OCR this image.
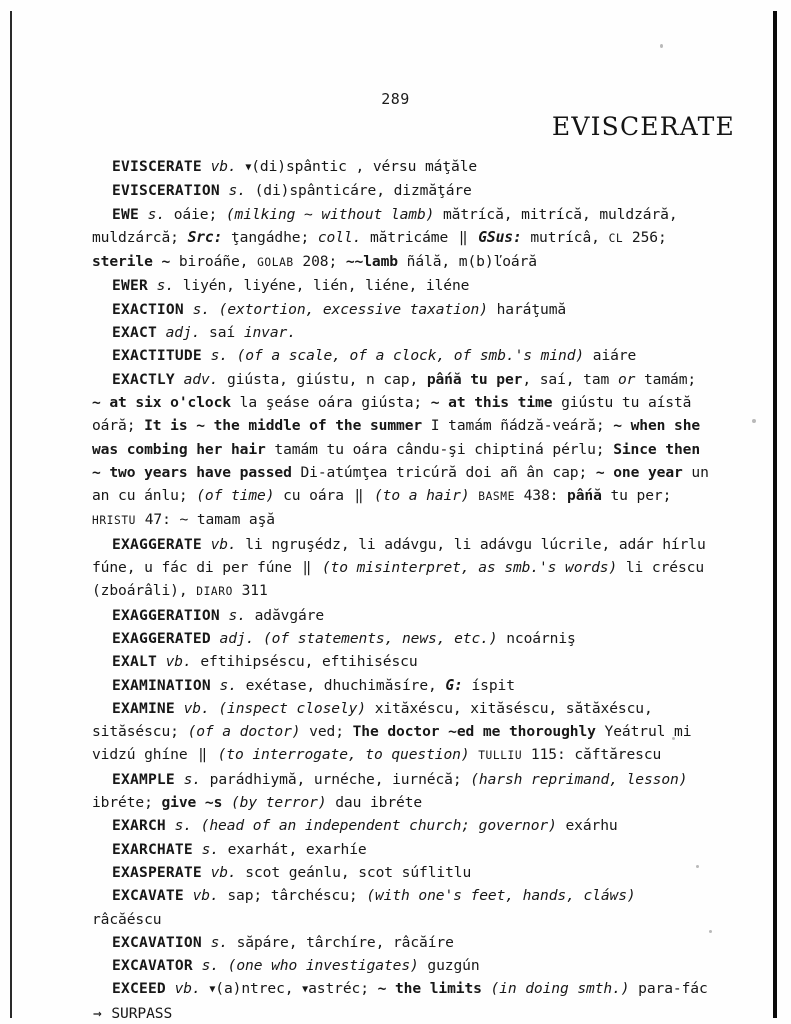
289
EVISCERATE

EVISCERATE vb. ▼(di)spântic , vérsu máţăle

EVISCERATION s. (di)spânticáre, dizmăţáre

EWE s. oáie; (milking ~ without lamb) mătrícă, mitrícă, muldzáră, muldzárcă; Src: ţangádhe; coll. mătricáme ‖ GSus: mutrícâ, CL 256; sterile ~ biroáñe, GOLAB 208; ~~lamb ñálă, m(b)ľoáră

EWER s. liyén, liyéne, lién, liéne, iléne

EXACTION s. (extortion, excessive taxation) haráţumă

EXACT adj. saí invar.

EXACTITUDE s. (of a scale, of a clock, of smb.'s mind) aiáre

EXACTLY adv. giústa, giústu, n cap, pấnă tu per, saí, tam or tamám; ~ at six o'clock la şeáse oára giústa; ~ at this time giústu tu aístă oáră; It is ~ the middle of the summer I tamám ñádză-veáră; ~ when she was combing her hair tamám tu oára cându-şi chiptiná pérlu; Since then ~ two years have passed Di-atúmţea tricúră doi añ ân cap; ~ one year un an cu ánlu; (of time) cu oára ‖ (to a hair) BASME 438: pấnă tu per; HRISTU 47: ~ tamam aşă

EXAGGERATE vb. li ngruşédz, li adávgu, li adávgu lúcrile, adár hírlu fúne, u fác di per fúne ‖ (to misinterpret, as smb.'s words) li créscu (zboárâli), DIARO 311

EXAGGERATION s. adăvgáre

EXAGGERATED adj. (of statements, news, etc.) ncoárniş

EXALT vb. eftihipséscu, eftihiséscu

EXAMINATION s. exétase, dhuchimăsíre, G: íspit

EXAMINE vb. (inspect closely) xităxéscu, xităséscu, sătăxéscu, sităséscu; (of a doctor) ved; The doctor ~ed me thoroughly Yeátrul mi vidzú ghíne ‖ (to interrogate, to question) TULLIU 115: căftărescu

EXAMPLE s. parádhiymă, urnéche, iurnécă; (harsh reprimand, lesson) ibréte; give ~s (by terror) dau ibréte

EXARCH s. (head of an independent church; governor) exárhu

EXARCHATE s. exarhát, exarhíe

EXASPERATE vb. scot geánlu, scot súflitlu

EXCAVATE vb. sap; târchéscu; (with one's feet, hands, cláws) râcăéscu

EXCAVATION s. săpáre, târchíre, râcăíre

EXCAVATOR s. (one who investigates) guzgún

EXCEED vb. ▼(a)ntrec, ▼astréc; ~ the limits (in doing smth.) para-fác → SURPASS
